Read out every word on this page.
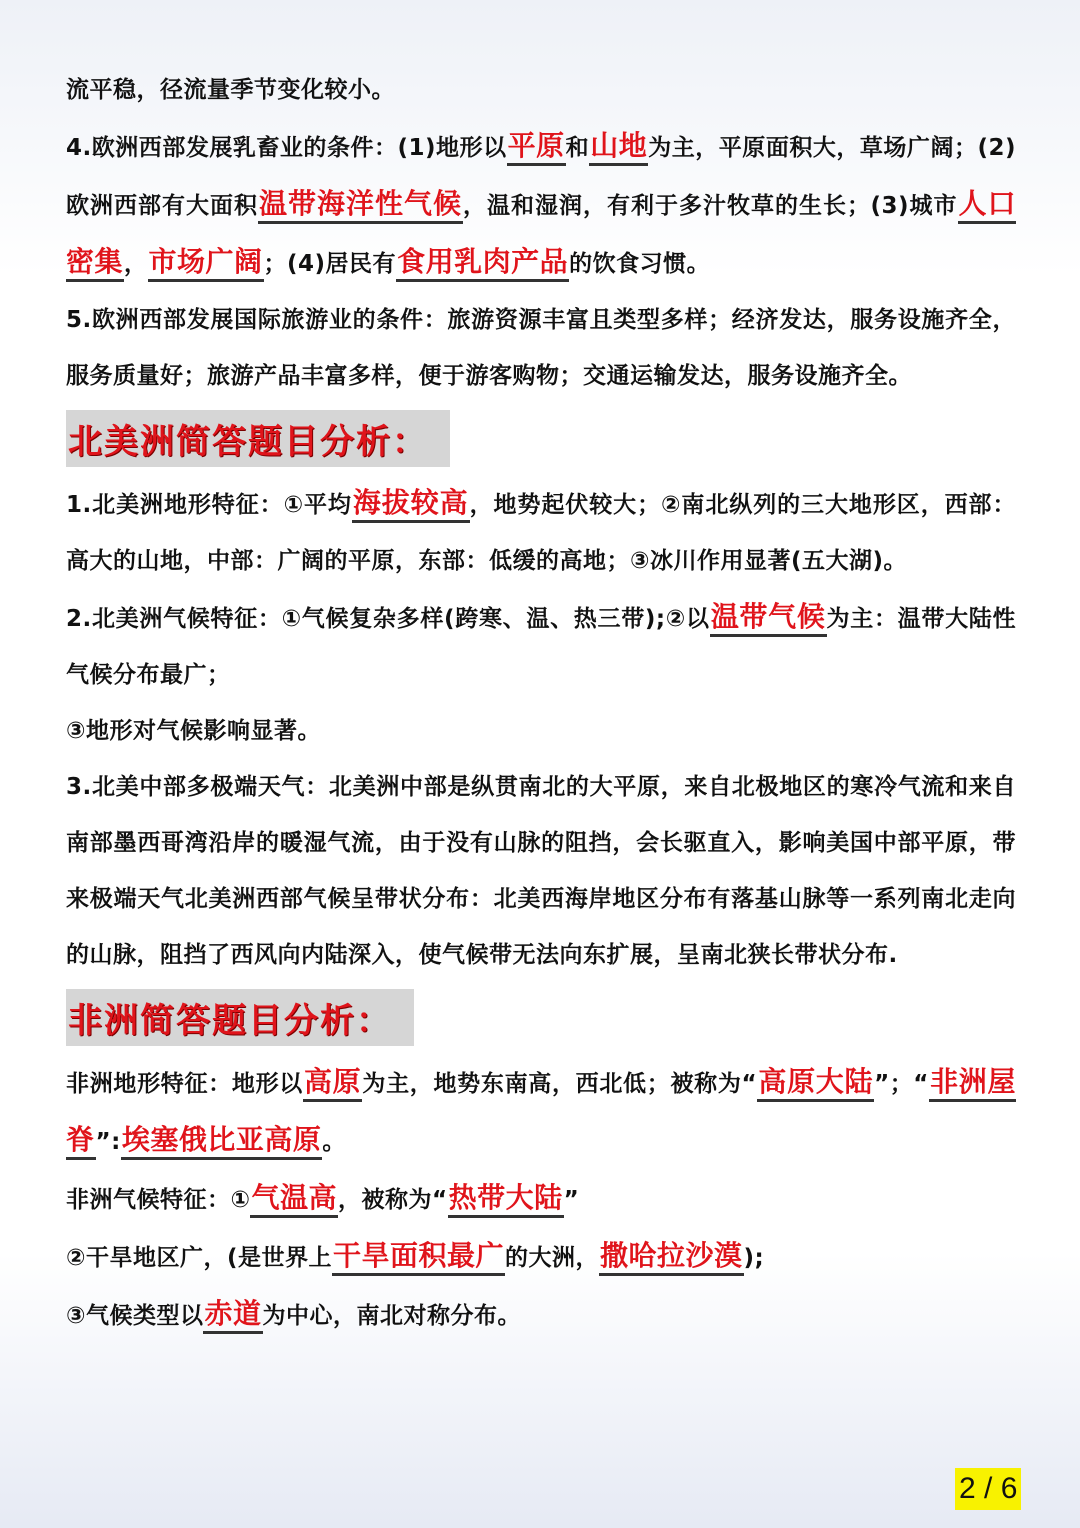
流平稳，径流量季节变化较小。

4.欧洲西部发展乳畜业的条件：(1)地形以平原和山地为主，平原面积大，草场广阔；(2)欧洲西部有大面积温带海洋性气候，温和湿润，有利于多汁牧草的生长；(3)城市人口密集，市场广阔；(4)居民有食用乳肉产品的饮食习惯。

5.欧洲西部发展国际旅游业的条件：旅游资源丰富且类型多样；经济发达，服务设施齐全，服务质量好；旅游产品丰富多样，便于游客购物；交通运输发达，服务设施齐全。

北美洲简答题目分析：

1.北美洲地形特征：①平均海拔较高，地势起伏较大；②南北纵列的三大地形区，西部：高大的山地，中部：广阔的平原，东部：低缓的高地；③冰川作用显著(五大湖)。

2.北美洲气候特征：①气候复杂多样(跨寒、温、热三带);②以温带气候为主：温带大陆性气候分布最广；

③地形对气候影响显著。

3.北美中部多极端天气：北美洲中部是纵贯南北的大平原，来自北极地区的寒冷气流和来自南部墨西哥湾沿岸的暖湿气流，由于没有山脉的阻挡，会长驱直入，影响美国中部平原，带来极端天气北美洲西部气候呈带状分布：北美西海岸地区分布有落基山脉等一系列南北走向的山脉，阻挡了西风向内陆深入，使气候带无法向东扩展，呈南北狭长带状分布.

非洲简答题目分析：

非洲地形特征：地形以高原为主，地势东南高，西北低；被称为“高原大陆”；“非洲屋脊”:埃塞俄比亚高原。

非洲气候特征：①气温高，被称为“热带大陆”

②干旱地区广，(是世界上干旱面积最广的大洲，撒哈拉沙漠);

③气候类型以赤道为中心，南北对称分布。

2 / 6
